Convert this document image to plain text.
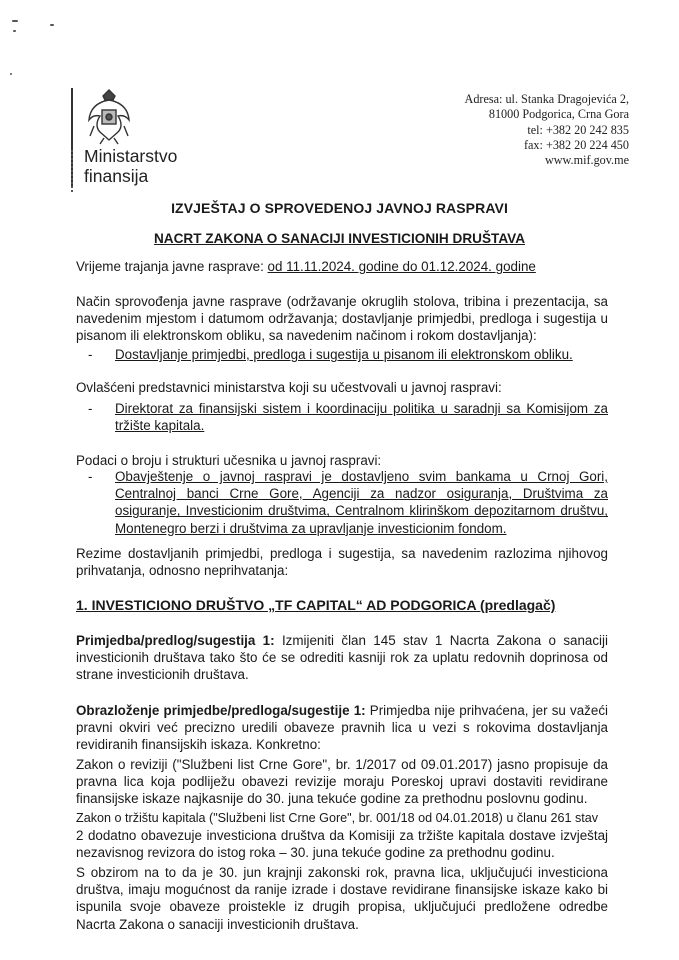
Ministarstvo
finansija
Adresa: ul. Stanka Dragojevića 2,
81000 Podgorica, Crna Gora
tel: +382 20 242 835
fax: +382 20 224 450
www.mif.gov.me
IZVJEŠTAJ O SPROVEDENOJ JAVNOJ RASPRAVI
NACRT ZAKONA O SANACIJI INVESTICIONIH DRUŠTAVA
Vrijeme trajanja javne rasprave: od 11.11.2024. godine do 01.12.2024. godine
Način sprovođenja javne rasprave (održavanje okruglih stolova, tribina i prezentacija, sa navedenim mjestom i datumom održavanja; dostavljanje primjedbi, predloga i sugestija u pisanom ili elektronskom obliku, sa navedenim načinom i rokom dostavljanja):
- Dostavljanje primjedbi, predloga i sugestija u pisanom ili elektronskom obliku.
Ovlašćeni predstavnici ministarstva koji su učestvovali u javnoj raspravi:
- Direktorat za finansijski sistem i koordinaciju politika u saradnji sa Komisijom za tržište kapitala.
Podaci o broju i strukturi učesnika u javnoj raspravi:
- Obavještenje o javnoj raspravi je dostavljeno svim bankama u Crnoj Gori, Centralnoj banci Crne Gore, Agenciji za nadzor osiguranja, Društvima za osiguranje, Investicionim društvima, Centralnom klirinškom depozitarnom društvu, Montenegro berzi i društvima za upravljanje investicionim fondom.
Rezime dostavljanih primjedbi, predloga i sugestija, sa navedenim razlozima njihovog prihvatanja, odnosno neprihvatanja:
1. INVESTICIONO DRUŠTVO „TF CAPITAL“ AD PODGORICA (predlagač)
Primjedba/predlog/sugestija 1: Izmijeniti član 145 stav 1 Nacrta Zakona o sanaciji investicionih društava tako što će se odrediti kasniji rok za uplatu redovnih doprinosa od strane investicionih društava.
Obrazloženje primjedbe/predloga/sugestije 1: Primjedba nije prihvaćena, jer su važeći pravni okviri već precizno uredili obaveze pravnih lica u vezi s rokovima dostavljanja revidiranih finansijskih iskaza. Konkretno:
Zakon o reviziji ("Službeni list Crne Gore", br. 1/2017 od 09.01.2017) jasno propisuje da pravna lica koja podliježu obavezi revizije moraju Poreskoj upravi dostaviti revidirane finansijske iskaze najkasnije do 30. juna tekuće godine za prethodnu poslovnu godinu.
Zakon o tržištu kapitala ("Službeni list Crne Gore", br. 001/18 od 04.01.2018) u članu 261 stav
2 dodatno obavezuje investiciona društva da Komisiji za tržište kapitala dostave izvještaj nezavisnog revizora do istog roka – 30. juna tekuće godine za prethodnu godinu.
S obzirom na to da je 30. jun krajnji zakonski rok, pravna lica, uključujući investiciona društva, imaju mogućnost da ranije izrade i dostave revidirane finansijske iskaze kako bi ispunila svoje obaveze proistekle iz drugih propisa, uključujući predložene odredbe Nacrta Zakona o sanaciji investicionih društava.
